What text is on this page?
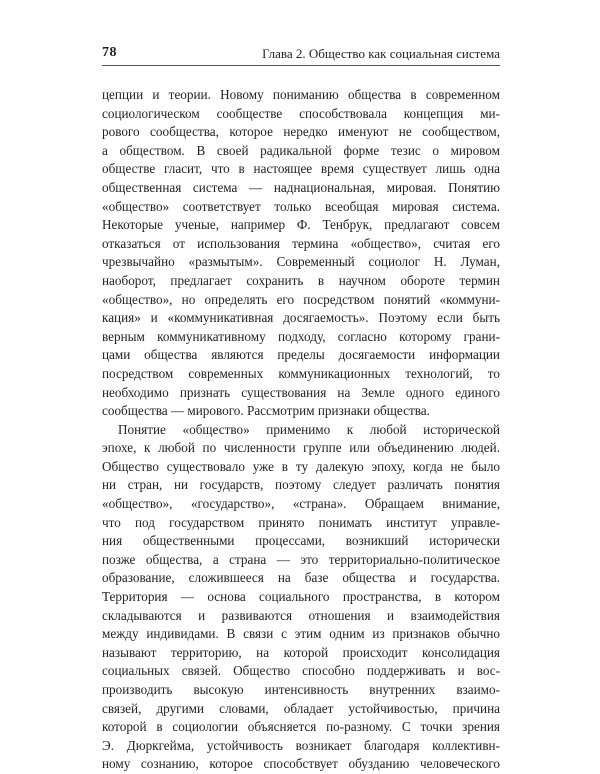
78	Глава 2. Общество как социальная система
цепции и теории. Новому пониманию общества в современном
социологическом сообществе способствовала концепция ми-
рового сообщества, которое нередко именуют не сообществом,
а обществом. В своей радикальной форме тезис о мировом
обществе гласит, что в настоящее время существует лишь одна
общественная система — наднациональная, мировая. Понятию
«общество» соответствует только всеобщая мировая система.
Некоторые ученые, например Ф. Тенбрук, предлагают совсем
отказаться от использования термина «общество», считая его
чрезвычайно «размытым». Современный социолог Н. Луман,
наоборот, предлагает сохранить в научном обороте термин
«общество», но определять его посредством понятий «коммуни-
кация» и «коммуникативная досягаемость». Поэтому если быть
верным коммуникативному подходу, согласно которому грани-
цами общества являются пределы досягаемости информации
посредством современных коммуникационных технологий, то
необходимо признать существования на Земле одного единого
сообщества — мирового. Рассмотрим признаки общества.
Понятие «общество» применимо к любой исторической
эпохе, к любой по численности группе или объединению людей.
Общество существовало уже в ту далекую эпоху, когда не было
ни стран, ни государств, поэтому следует различать понятия
«общество», «государство», «страна». Обращаем внимание,
что под государством принято понимать институт управле-
ния общественными процессами, возникший исторически
позже общества, а страна — это территориально-политическое
образование, сложившееся на базе общества и государства.
Территория — основа социального пространства, в котором
складываются и развиваются отношения и взаимодействия
между индивидами. В связи с этим одним из признаков обычно
называют территорию, на которой происходит консолидация
социальных связей. Общество способно поддерживать и вос-
производить высокую интенсивность внутренних взаимо-
связей, другими словами, обладает устойчивостью, причина
которой в социологии объясняется по-разному. С точки зрения
Э. Дюркгейма, устойчивость возникает благодаря коллективн-
ному сознанию, которое способствует обузданию человеческого
